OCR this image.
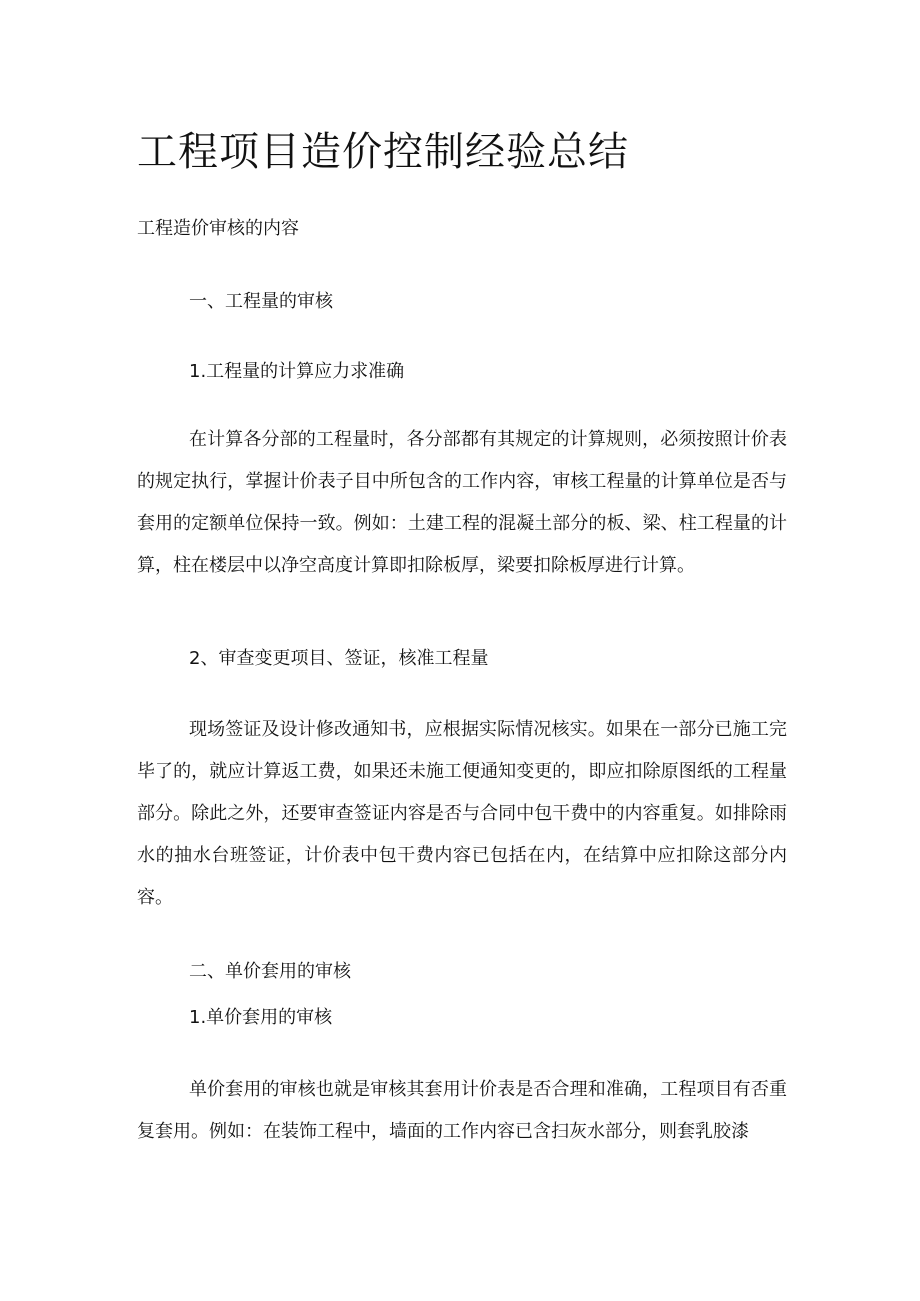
工程项目造价控制经验总结

工程造价审核的内容

一、工程量的审核

1.工程量的计算应力求准确

在计算各分部的工程量时，各分部都有其规定的计算规则，必须按照计价表的规定执行，掌握计价表子目中所包含的工作内容，审核工程量的计算单位是否与套用的定额单位保持一致。例如：土建工程的混凝土部分的板、梁、柱工程量的计算，柱在楼层中以净空高度计算即扣除板厚，梁要扣除板厚进行计算。

2、审查变更项目、签证，核准工程量

现场签证及设计修改通知书，应根据实际情况核实。如果在一部分已施工完毕了的，就应计算返工费，如果还未施工便通知变更的，即应扣除原图纸的工程量部分。除此之外，还要审查签证内容是否与合同中包干费中的内容重复。如排除雨水的抽水台班签证，计价表中包干费内容已包括在内，在结算中应扣除这部分内容。

二、单价套用的审核

1.单价套用的审核

单价套用的审核也就是审核其套用计价表是否合理和准确，工程项目有否重复套用。例如：在装饰工程中，墙面的工作内容已含扫灰水部分，则套乳胶漆
